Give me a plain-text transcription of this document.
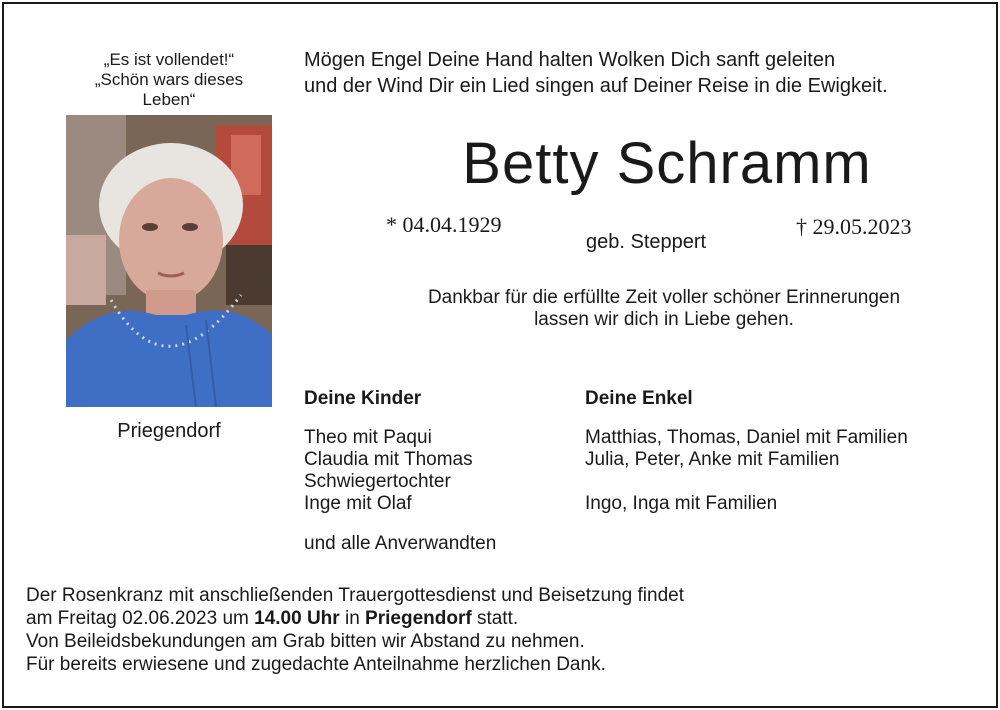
„Es ist vollendet!“
„Schön wars dieses
Leben“
Priegendorf
Mögen Engel Deine Hand halten Wolken Dich sanft geleiten
und der Wind Dir ein Lied singen auf Deiner Reise in die Ewigkeit.
Betty Schramm
* 04.04.1929
geb. Steppert
† 29.05.2023
Dankbar für die erfüllte Zeit voller schöner Erinnerungen
lassen wir dich in Liebe gehen.
Deine Kinder
Theo mit Paqui
Claudia mit Thomas
Schwiegertochter
Inge mit Olaf
und alle Anverwandten
Deine Enkel
Matthias, Thomas, Daniel mit Familien
Julia, Peter, Anke mit Familien
Ingo, Inga mit Familien
Der Rosenkranz mit anschließenden Trauergottesdienst und Beisetzung findet
am Freitag 02.06.2023 um 14.00 Uhr in Priegendorf statt.
Von Beileidsbekundungen am Grab bitten wir Abstand zu nehmen.
Für bereits erwiesene und zugedachte Anteilnahme herzlichen Dank.
